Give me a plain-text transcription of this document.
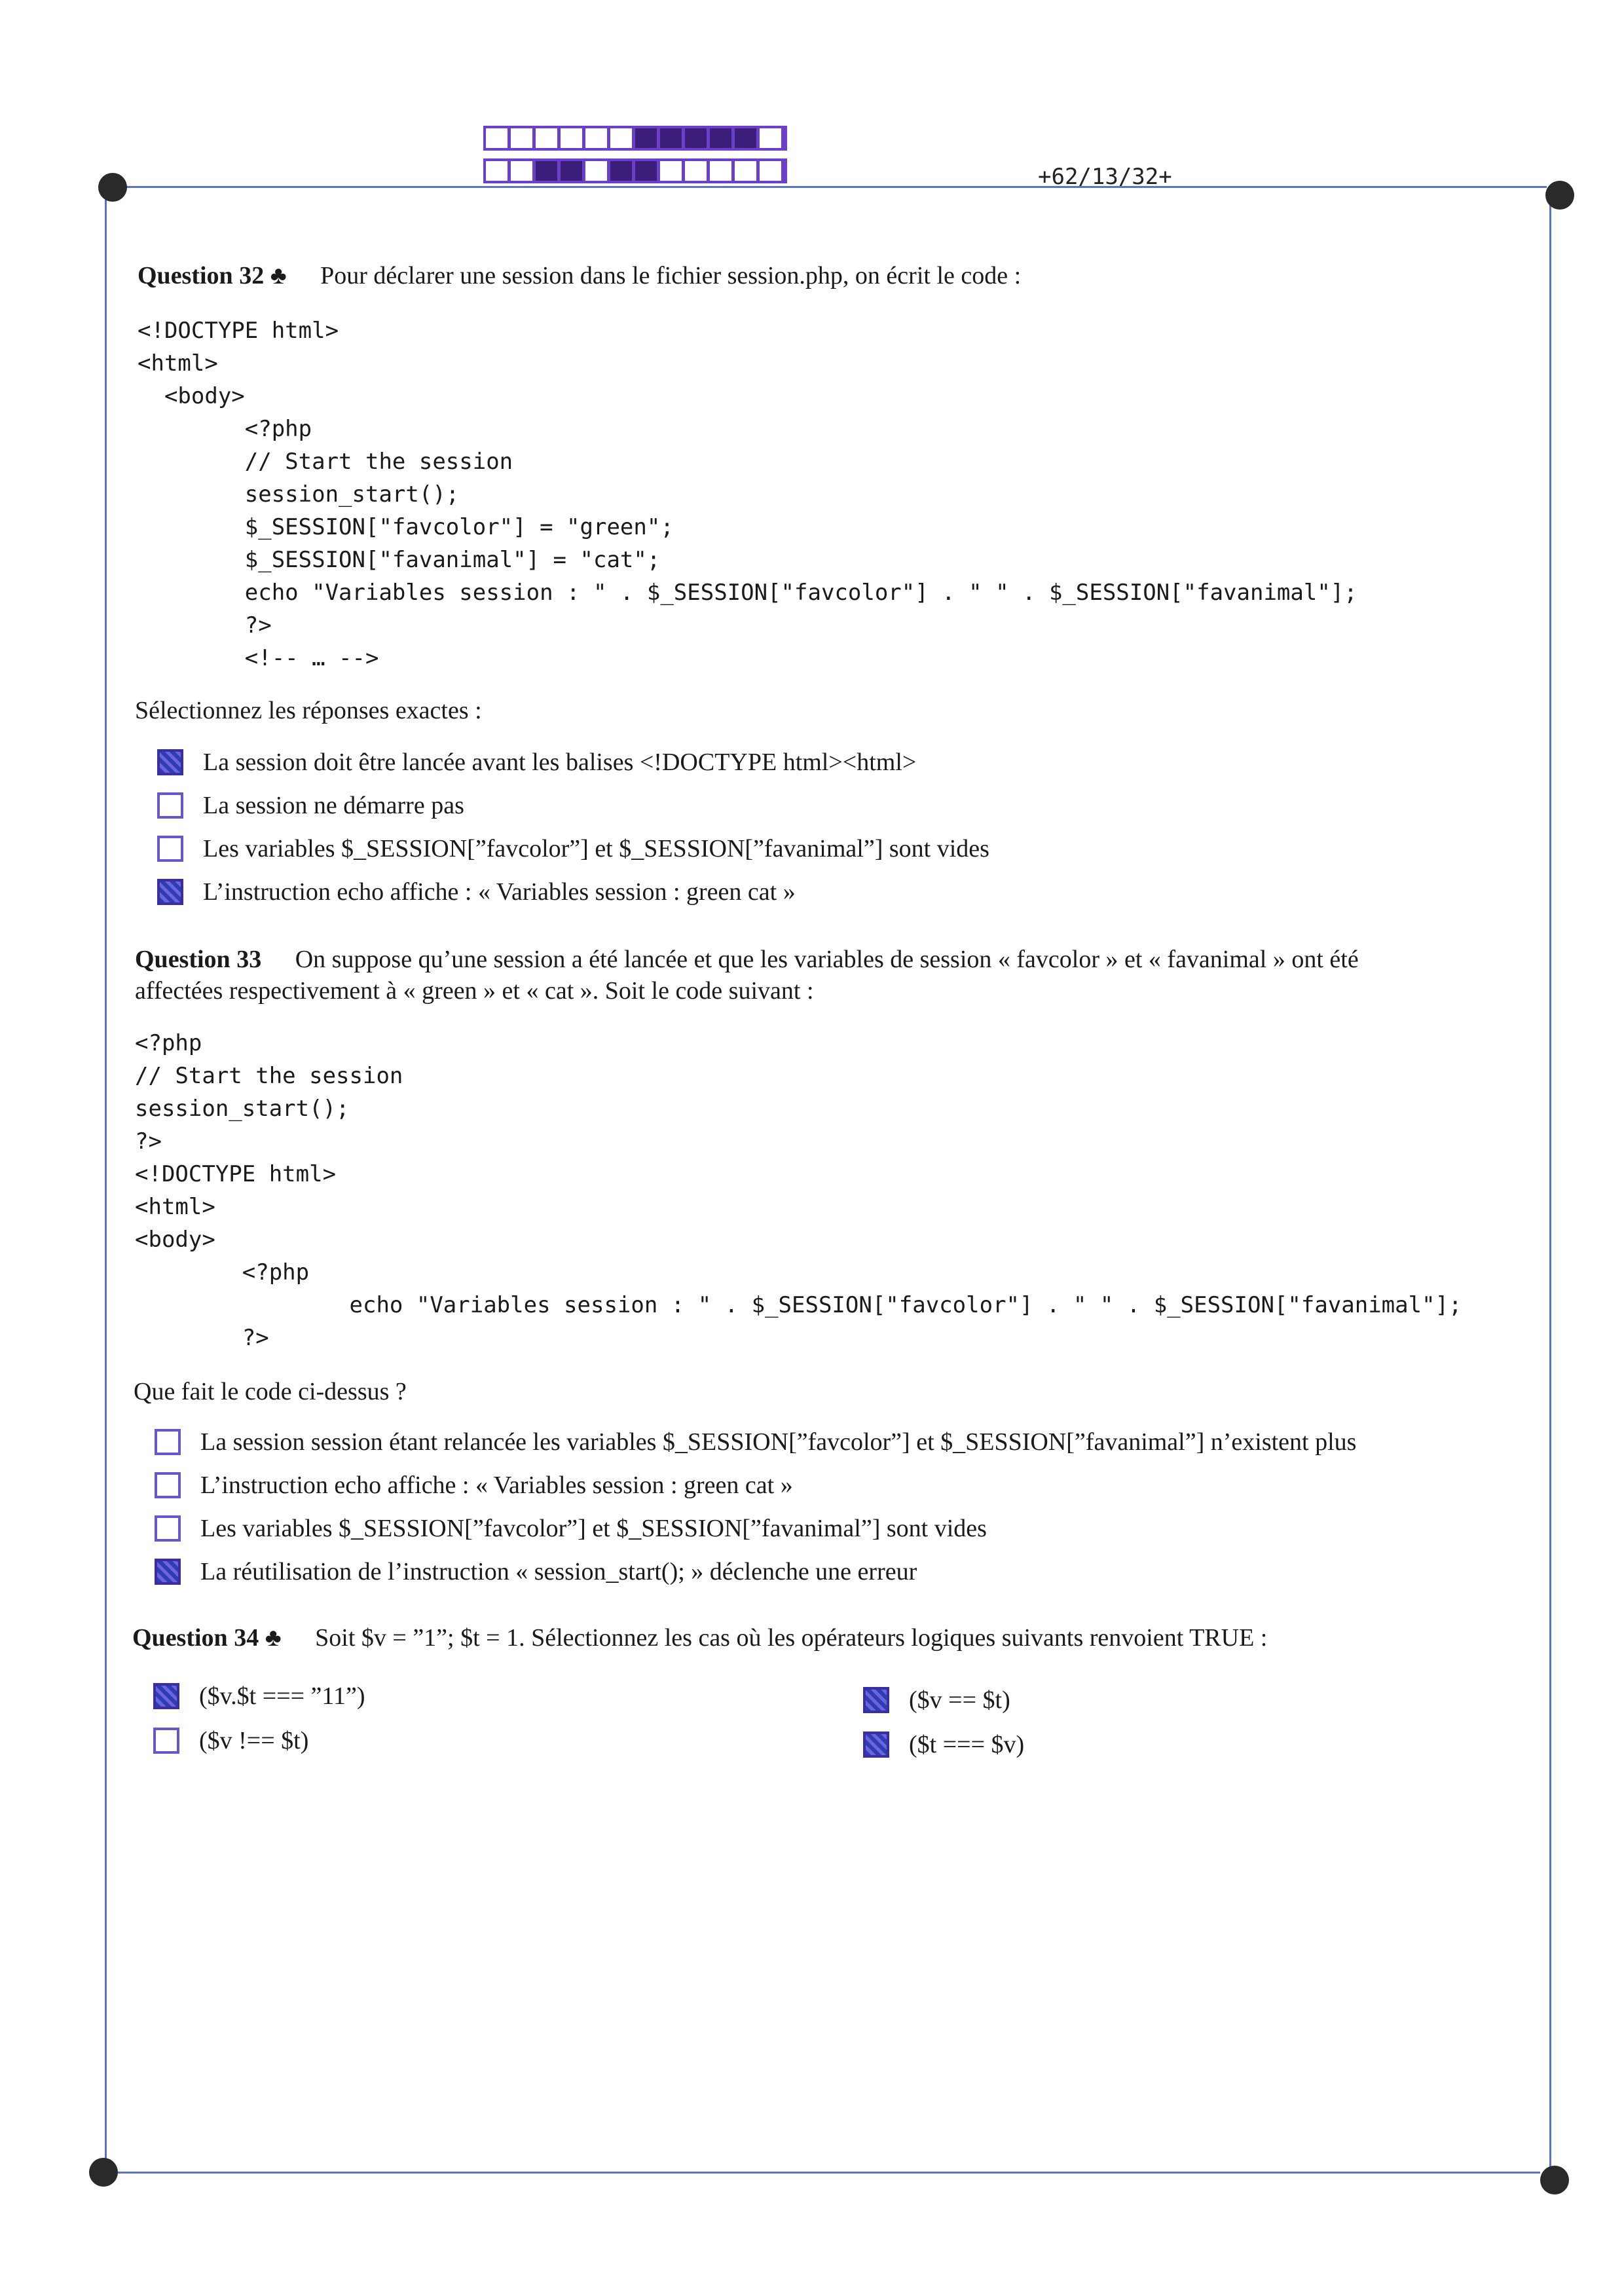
+62/13/32+
Question 32 ♣ Pour déclarer une session dans le fichier session.php, on écrit le code :
<!DOCTYPE html>
<html>
<body>
<?php
// Start the session
session_start();
$_SESSION["favcolor"] = "green";
$_SESSION["favanimal"] = "cat";
echo "Variables session : " . $_SESSION["favcolor"] . " " . $_SESSION["favanimal"];
?>
<!-- … -->
Sélectionnez les réponses exactes :
La session doit être lancée avant les balises <!DOCTYPE html><html>
La session ne démarre pas
Les variables $_SESSION[”favcolor”] et $_SESSION[”favanimal”] sont vides
L’instruction echo affiche : « Variables session : green cat »
Question 33 On suppose qu’une session a été lancée et que les variables de session « favcolor » et « favanimal » ont été
affectées respectivement à « green » et « cat ». Soit le code suivant :
<?php
// Start the session
session_start();
?>
<!DOCTYPE html>
<html>
<body>
<?php
echo "Variables session : " . $_SESSION["favcolor"] . " " . $_SESSION["favanimal"];
?>
Que fait le code ci-dessus ?
La session session étant relancée les variables $_SESSION[”favcolor”] et $_SESSION[”favanimal”] n’existent plus
L’instruction echo affiche : « Variables session : green cat »
Les variables $_SESSION[”favcolor”] et $_SESSION[”favanimal”] sont vides
La réutilisation de l’instruction « session_start(); » déclenche une erreur
Question 34 ♣ Soit $v = ”1”; $t = 1. Sélectionnez les cas où les opérateurs logiques suivants renvoient TRUE :
($v.$t === ”11”)
($v !== $t)
($v == $t)
($t === $v)
